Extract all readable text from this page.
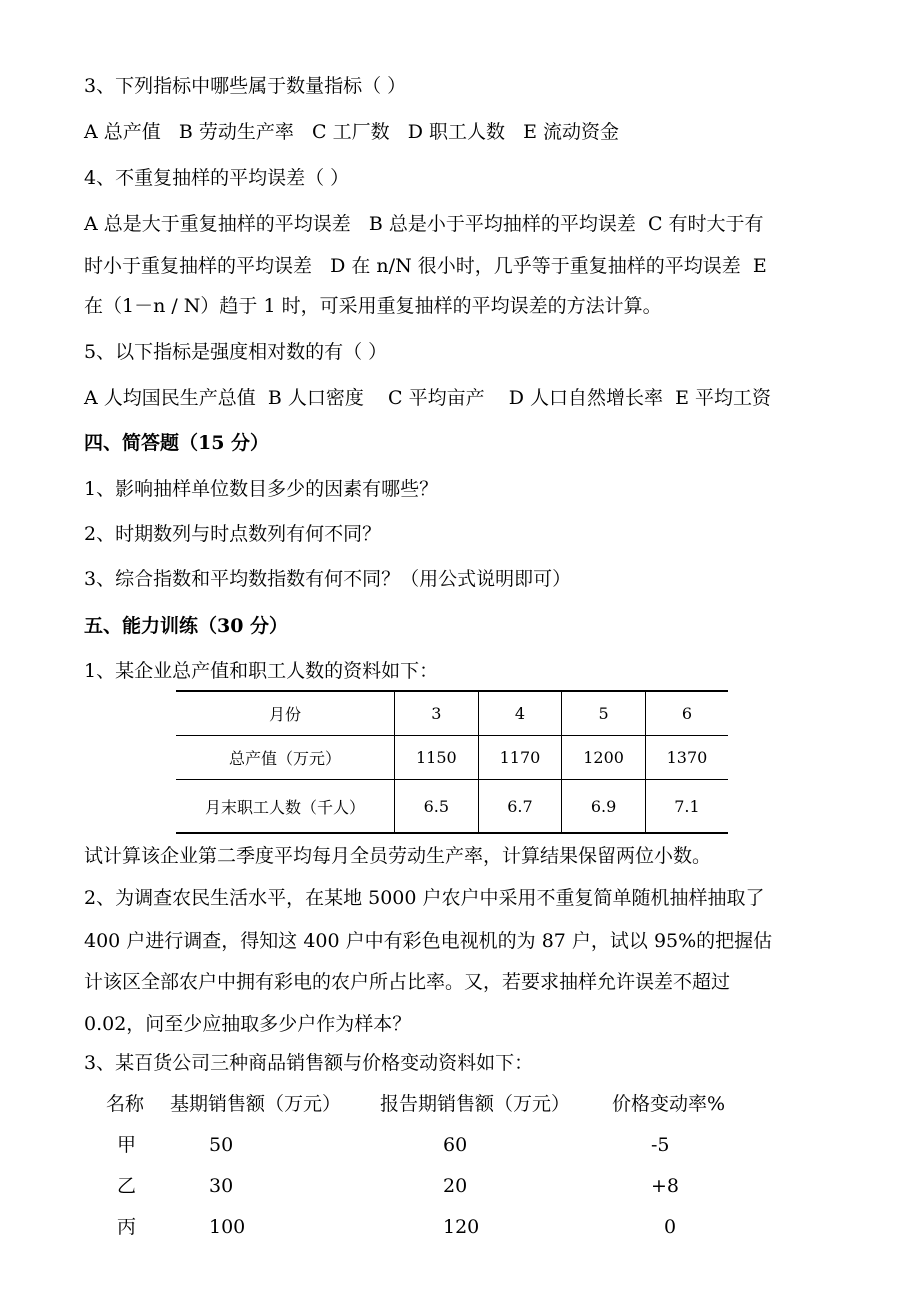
3、下列指标中哪些属于数量指标（ ）
A 总产值   B 劳动生产率   C 工厂数   D 职工人数   E 流动资金
4、不重复抽样的平均误差（ ）
A 总是大于重复抽样的平均误差   B 总是小于平均抽样的平均误差  C 有时大于有
时小于重复抽样的平均误差   D 在 n/N 很小时，几乎等于重复抽样的平均误差  E
在（1－n / N）趋于 1 时，可采用重复抽样的平均误差的方法计算。
5、以下指标是强度相对数的有（ ）
A 人均国民生产总值  B 人口密度    C 平均亩产    D 人口自然增长率  E 平均工资
四、简答题（15 分）
1、影响抽样单位数目多少的因素有哪些？
2、时期数列与时点数列有何不同？
3、综合指数和平均数指数有何不同？（用公式说明即可）
五、能力训练（30 分）
1、某企业总产值和职工人数的资料如下：
月份	3	4	5	6
总产值（万元）	1150	1170	1200	1370
月末职工人数（千人）	6.5	6.7	6.9	7.1
试计算该企业第二季度平均每月全员劳动生产率，计算结果保留两位小数。
2、为调查农民生活水平，在某地 5000 户农户中采用不重复简单随机抽样抽取了
400 户进行调查，得知这 400 户中有彩色电视机的为 87 户，试以 95%的把握估
计该区全部农户中拥有彩电的农户所占比率。又，若要求抽样允许误差不超过
0.02，问至少应抽取多少户作为样本？
3、某百货公司三种商品销售额与价格变动资料如下：
名称 基期销售额（万元） 报告期销售额（万元） 价格变动率%
甲	50	60	-5
乙	30	20	+8
丙	100	120	0
